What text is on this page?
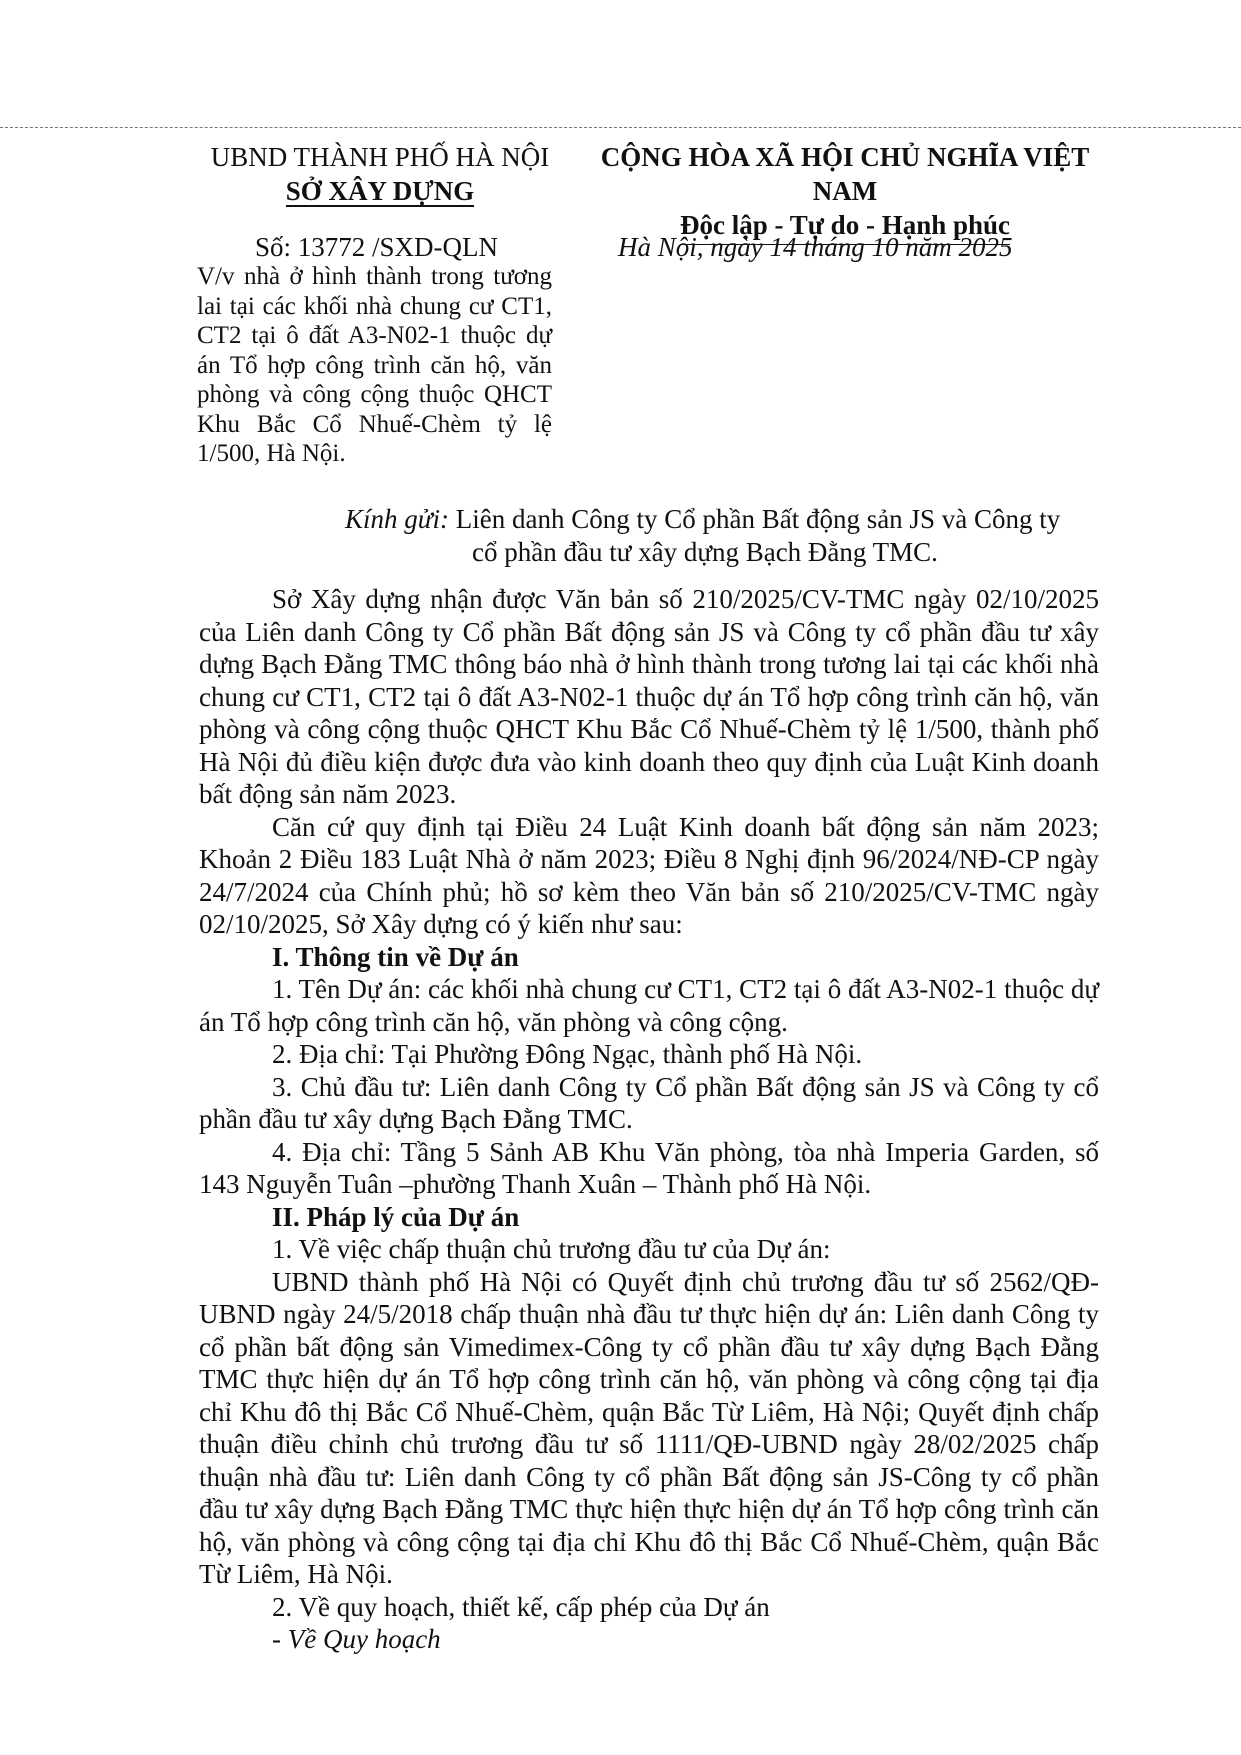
UBND THÀNH PHỐ HÀ NỘI
SỞ XÂY DỰNG
CỘNG HÒA XÃ HỘI CHỦ NGHĨA VIỆT NAM
Độc lập - Tự do - Hạnh phúc
Số: 13772 /SXD-QLN
V/v nhà ở hình thành trong tương lai tại các khối nhà chung cư CT1, CT2 tại ô đất A3-N02-1 thuộc dự án Tổ hợp công trình căn hộ, văn phòng và công cộng thuộc QHCT Khu Bắc Cổ Nhuế-Chèm tỷ lệ 1/500, Hà Nội.
Hà Nội, ngày 14 tháng 10 năm 2025
Kính gửi: Liên danh Công ty Cổ phần Bất động sản JS và Công ty
cổ phần đầu tư xây dựng Bạch Đằng TMC.

Sở Xây dựng nhận được Văn bản số 210/2025/CV-TMC ngày 02/10/2025 của Liên danh Công ty Cổ phần Bất động sản JS và Công ty cổ phần đầu tư xây dựng Bạch Đằng TMC thông báo nhà ở hình thành trong tương lai tại các khối nhà chung cư CT1, CT2 tại ô đất A3-N02-1 thuộc dự án Tổ hợp công trình căn hộ, văn phòng và công cộng thuộc QHCT Khu Bắc Cổ Nhuế-Chèm tỷ lệ 1/500, thành phố Hà Nội đủ điều kiện được đưa vào kinh doanh theo quy định của Luật Kinh doanh bất động sản năm 2023.

Căn cứ quy định tại Điều 24 Luật Kinh doanh bất động sản năm 2023; Khoản 2 Điều 183 Luật Nhà ở năm 2023; Điều 8 Nghị định 96/2024/NĐ-CP ngày 24/7/2024 của Chính phủ; hồ sơ kèm theo Văn bản số 210/2025/CV-TMC ngày 02/10/2025, Sở Xây dựng có ý kiến như sau:

I. Thông tin về Dự án

1. Tên Dự án: các khối nhà chung cư CT1, CT2 tại ô đất A3-N02-1 thuộc dự án Tổ hợp công trình căn hộ, văn phòng và công cộng.

2. Địa chỉ: Tại Phường Đông Ngạc, thành phố Hà Nội.

3. Chủ đầu tư: Liên danh Công ty Cổ phần Bất động sản JS và Công ty cổ phần đầu tư xây dựng Bạch Đằng TMC.

4. Địa chỉ: Tầng 5 Sảnh AB Khu Văn phòng, tòa nhà Imperia Garden, số 143 Nguyễn Tuân –phường Thanh Xuân – Thành phố Hà Nội.

II. Pháp lý của Dự án

1. Về việc chấp thuận chủ trương đầu tư của Dự án:

UBND thành phố Hà Nội có Quyết định chủ trương đầu tư số 2562/QĐ-UBND ngày 24/5/2018 chấp thuận nhà đầu tư thực hiện dự án: Liên danh Công ty cổ phần bất động sản Vimedimex-Công ty cổ phần đầu tư xây dựng Bạch Đằng TMC thực hiện dự án Tổ hợp công trình căn hộ, văn phòng và công cộng tại địa chỉ Khu đô thị Bắc Cổ Nhuế-Chèm, quận Bắc Từ Liêm, Hà Nội; Quyết định chấp thuận điều chỉnh chủ trương đầu tư số 1111/QĐ-UBND ngày 28/02/2025 chấp thuận nhà đầu tư: Liên danh Công ty cổ phần Bất động sản JS-Công ty cổ phần đầu tư xây dựng Bạch Đằng TMC thực hiện thực hiện dự án Tổ hợp công trình căn hộ, văn phòng và công cộng tại địa chỉ Khu đô thị Bắc Cổ Nhuế-Chèm, quận Bắc Từ Liêm, Hà Nội.

2. Về quy hoạch, thiết kế, cấp phép của Dự án

- Về Quy hoạch
